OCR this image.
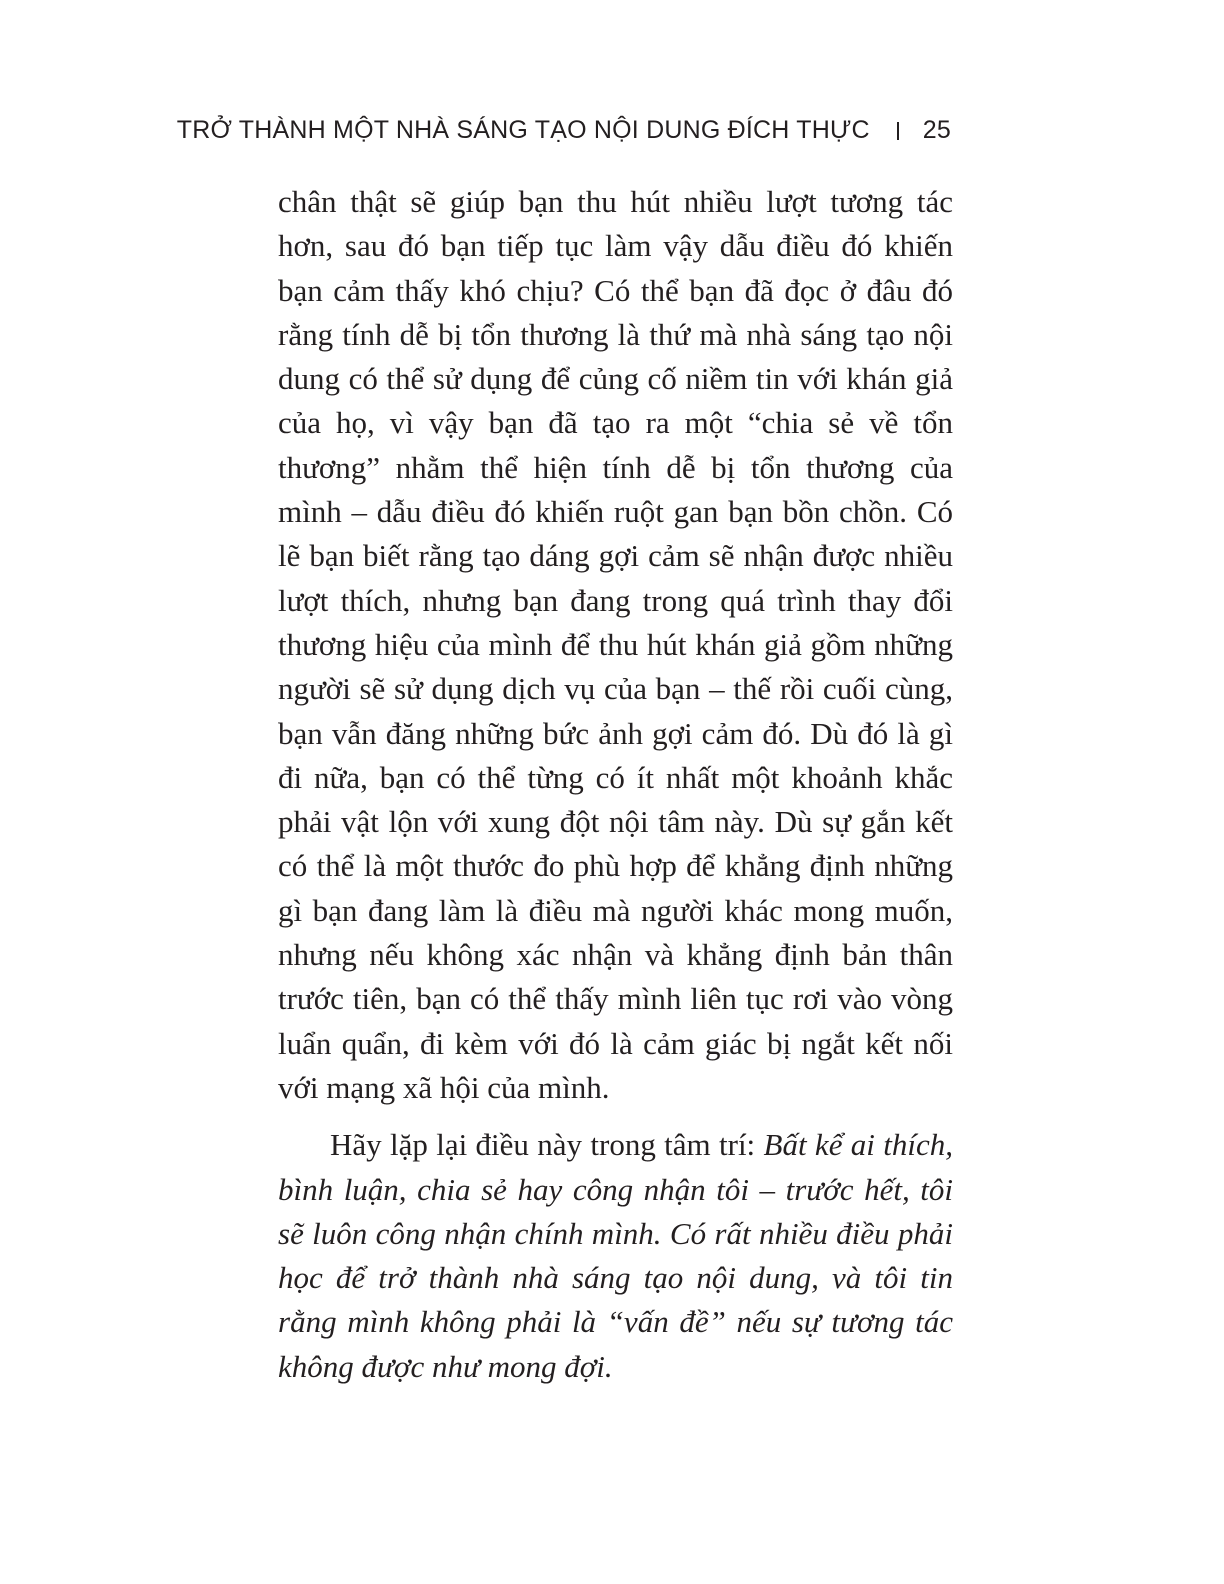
TRỞ THÀNH MỘT NHÀ SÁNG TẠO NỘI DUNG ĐÍCH THỰC 25

chân thật sẽ giúp bạn thu hút nhiều lượt tương tác hơn, sau đó bạn tiếp tục làm vậy dẫu điều đó khiến bạn cảm thấy khó chịu? Có thể bạn đã đọc ở đâu đó rằng tính dễ bị tổn thương là thứ mà nhà sáng tạo nội dung có thể sử dụng để củng cố niềm tin với khán giả của họ, vì vậy bạn đã tạo ra một “chia sẻ về tổn thương” nhằm thể hiện tính dễ bị tổn thương của mình – dẫu điều đó khiến ruột gan bạn bồn chồn. Có lẽ bạn biết rằng tạo dáng gợi cảm sẽ nhận được nhiều lượt thích, nhưng bạn đang trong quá trình thay đổi thương hiệu của mình để thu hút khán giả gồm những người sẽ sử dụng dịch vụ của bạn – thế rồi cuối cùng, bạn vẫn đăng những bức ảnh gợi cảm đó. Dù đó là gì đi nữa, bạn có thể từng có ít nhất một khoảnh khắc phải vật lộn với xung đột nội tâm này. Dù sự gắn kết có thể là một thước đo phù hợp để khẳng định những gì bạn đang làm là điều mà người khác mong muốn, nhưng nếu không xác nhận và khẳng định bản thân trước tiên, bạn có thể thấy mình liên tục rơi vào vòng luẩn quẩn, đi kèm với đó là cảm giác bị ngắt kết nối với mạng xã hội của mình.

Hãy lặp lại điều này trong tâm trí: Bất kể ai thích, bình luận, chia sẻ hay công nhận tôi – trước hết, tôi sẽ luôn công nhận chính mình. Có rất nhiều điều phải học để trở thành nhà sáng tạo nội dung, và tôi tin rằng mình không phải là “vấn đề” nếu sự tương tác không được như mong đợi.
